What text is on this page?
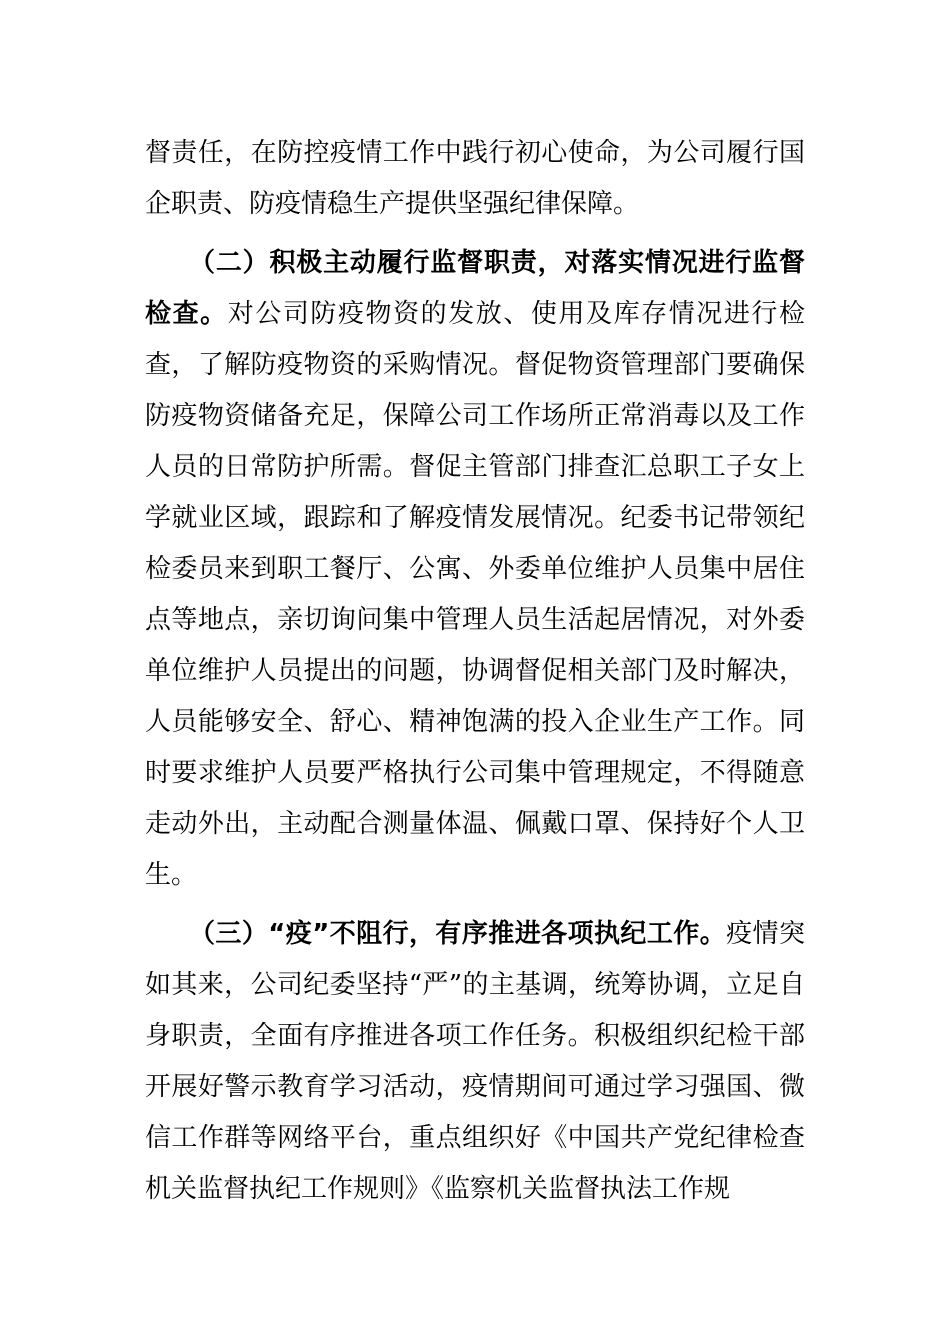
督责任，在防控疫情工作中践行初心使命，为公司履行国企职责、防疫情稳生产提供坚强纪律保障。

（二）积极主动履行监督职责，对落实情况进行监督检查。对公司防疫物资的发放、使用及库存情况进行检查，了解防疫物资的采购情况。督促物资管理部门要确保防疫物资储备充足，保障公司工作场所正常消毒以及工作人员的日常防护所需。督促主管部门排查汇总职工子女上学就业区域，跟踪和了解疫情发展情况。纪委书记带领纪检委员来到职工餐厅、公寓、外委单位维护人员集中居住点等地点，亲切询问集中管理人员生活起居情况，对外委单位维护人员提出的问题，协调督促相关部门及时解决，人员能够安全、舒心、精神饱满的投入企业生产工作。同时要求维护人员要严格执行公司集中管理规定，不得随意走动外出，主动配合测量体温、佩戴口罩、保持好个人卫生。

（三）“疫”不阻行，有序推进各项执纪工作。疫情突如其来，公司纪委坚持“严”的主基调，统筹协调，立足自身职责，全面有序推进各项工作任务。积极组织纪检干部开展好警示教育学习活动，疫情期间可通过学习强国、微信工作群等网络平台，重点组织好《中国共产党纪律检查机关监督执纪工作规则》《监察机关监督执法工作规
